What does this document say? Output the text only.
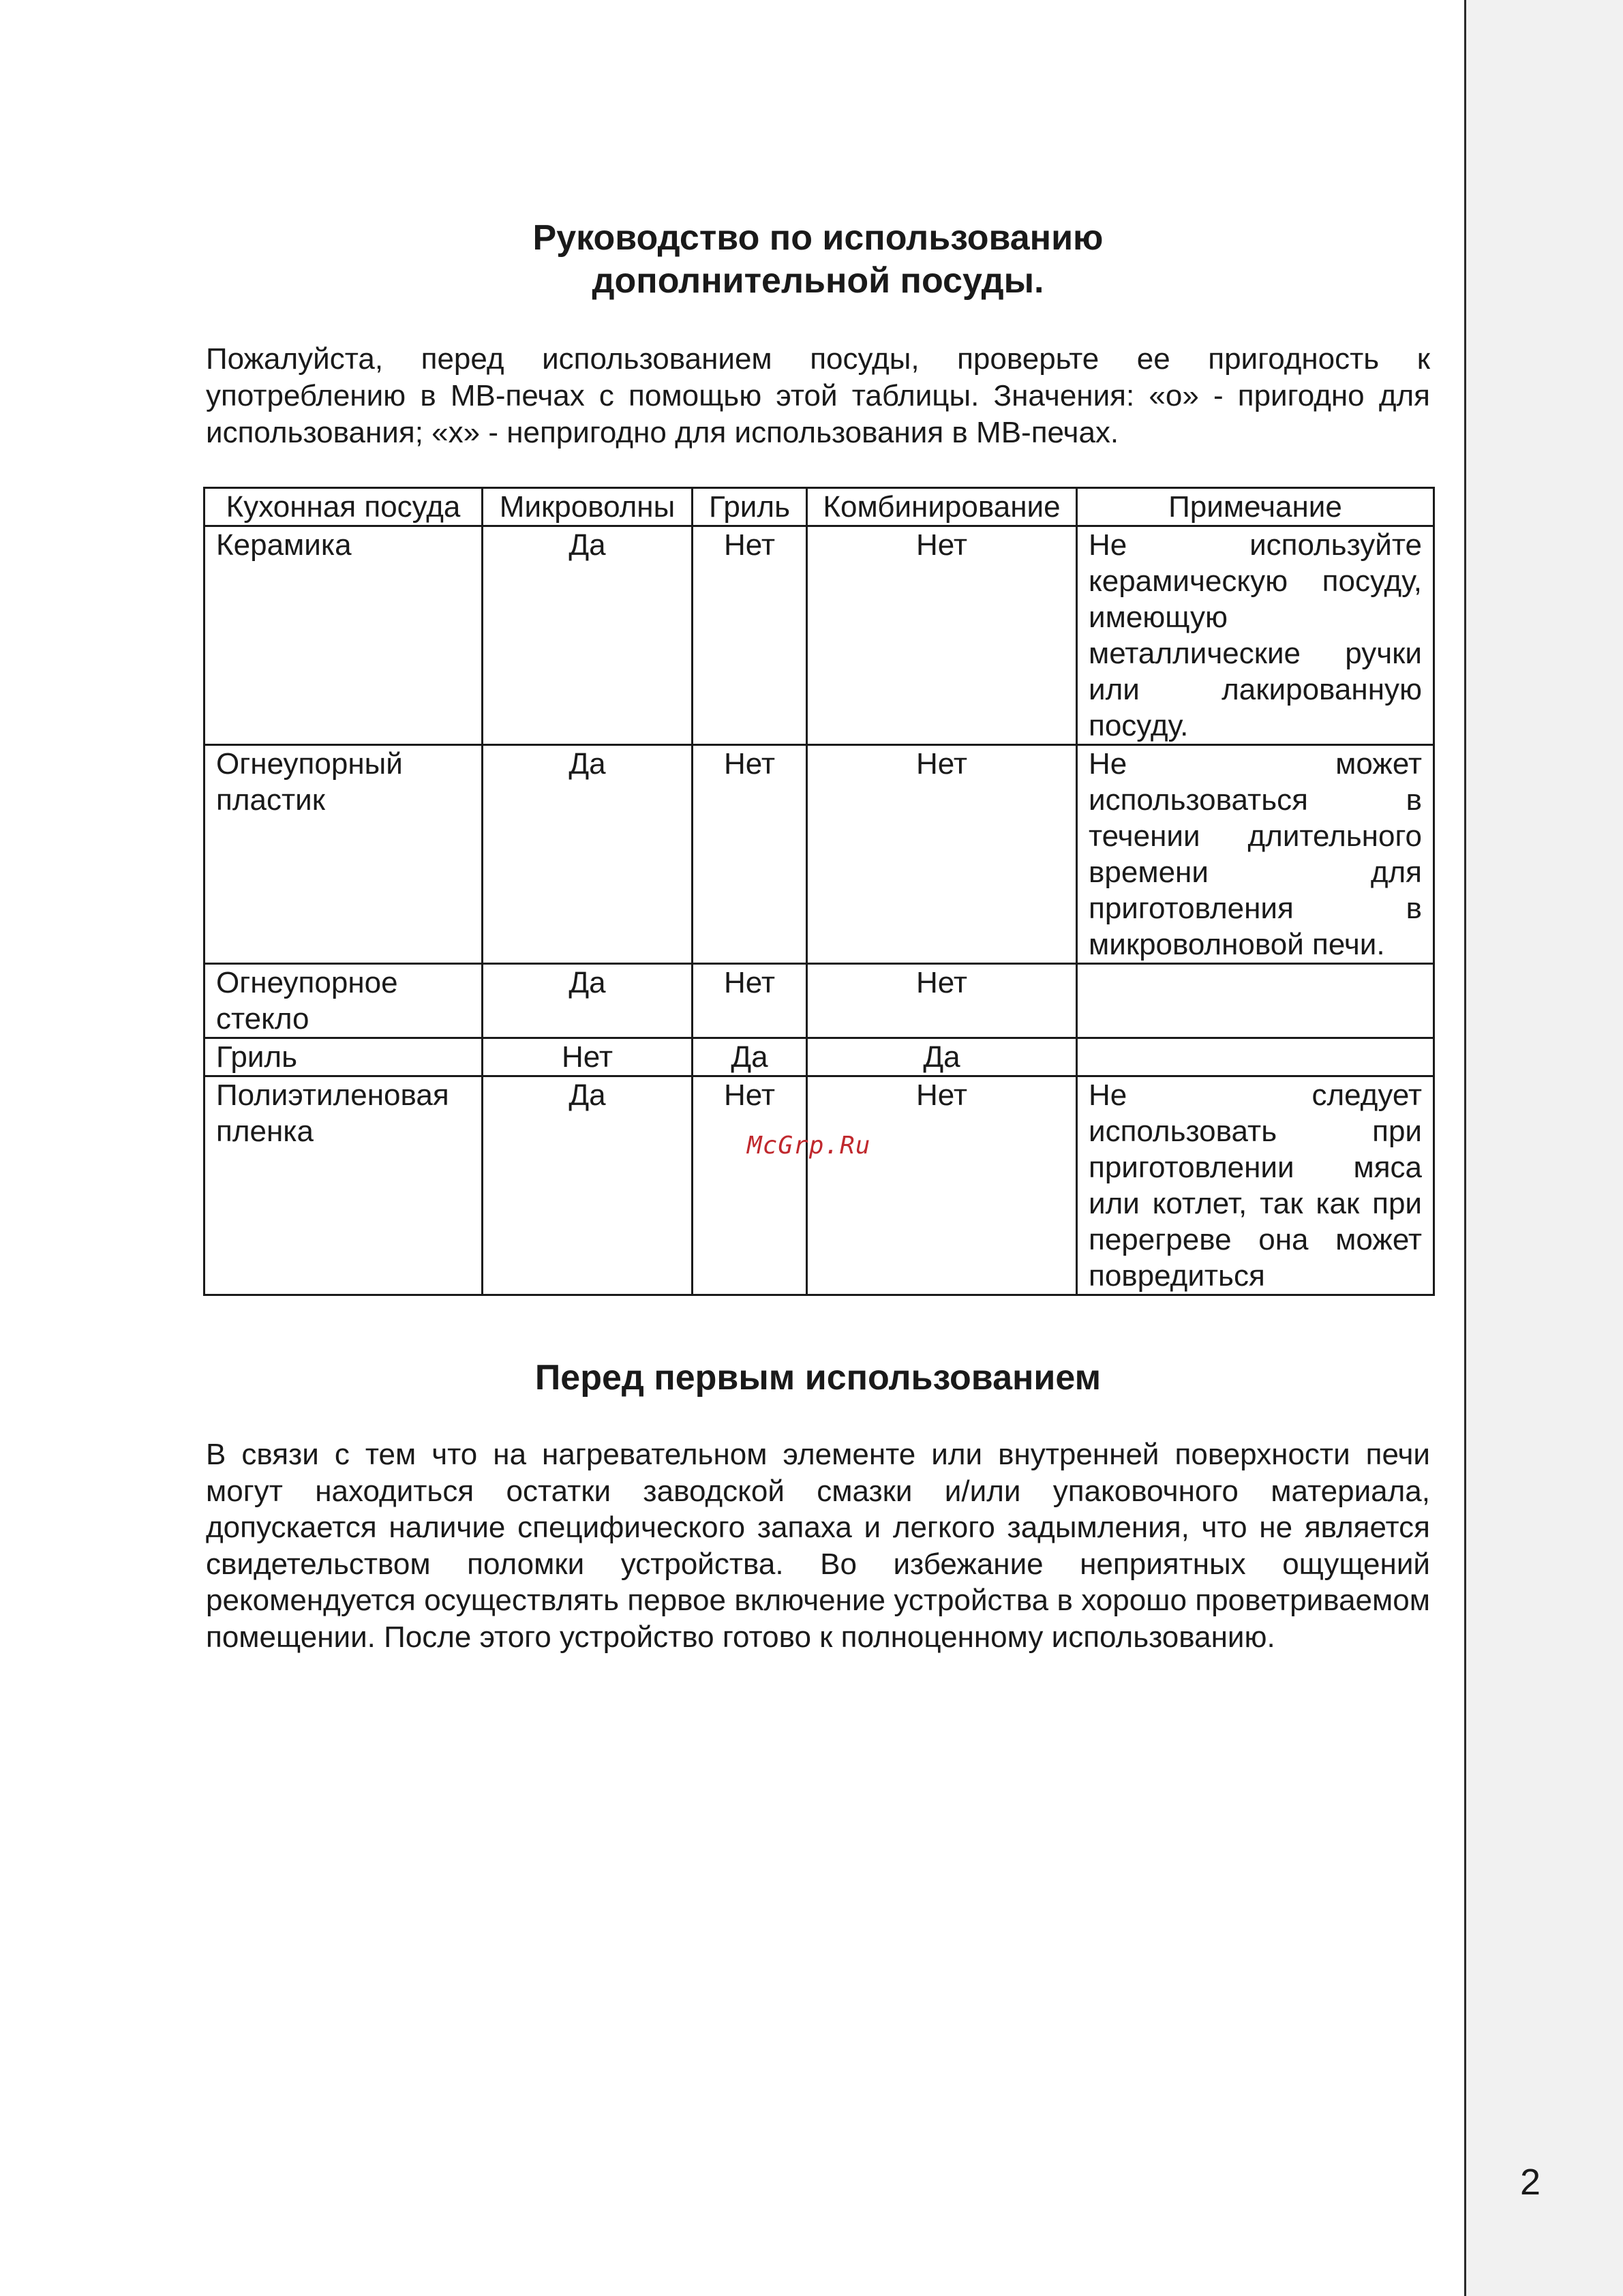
Руководство по использованию
дополнительной посуды.

Пожалуйста, перед использованием посуды, проверьте ее пригодность к употреблению в МВ-печах с помощью этой таблицы. Значения: «о» - пригодно для использования; «х» - непригодно для использования в МВ-печах.

Кухонная посуда	Микроволны	Гриль	Комбинирование	Примечание
Керамика	Да	Нет	Нет	Не используйте керамическую посуду, имеющую металлические ручки или лакированную посуду.
Огнеупорный пластик	Да	Нет	Нет	Не может использоваться в течении длительного времени для приготовления в микроволновой печи.
Огнеупорное стекло	Да	Нет	Нет	
Гриль	Нет	Да	Да	
Полиэтиленовая пленка	Да	Нет	Нет	Не следует использовать при приготовлении мяса или котлет, так как при перегреве она может повредиться
McGrp.Ru
Перед первым использованием

В связи с тем что на нагревательном элементе или внутренней поверхности печи могут находиться остатки заводской смазки и/или упаковочного материала, допускается наличие специфического запаха и легкого задымления, что не является свидетельством поломки устройства. Во избежание неприятных ощущений рекомендуется осуществлять первое включение устройства в хорошо проветриваемом помещении. После этого устройство готово к полноценному использованию.

2
